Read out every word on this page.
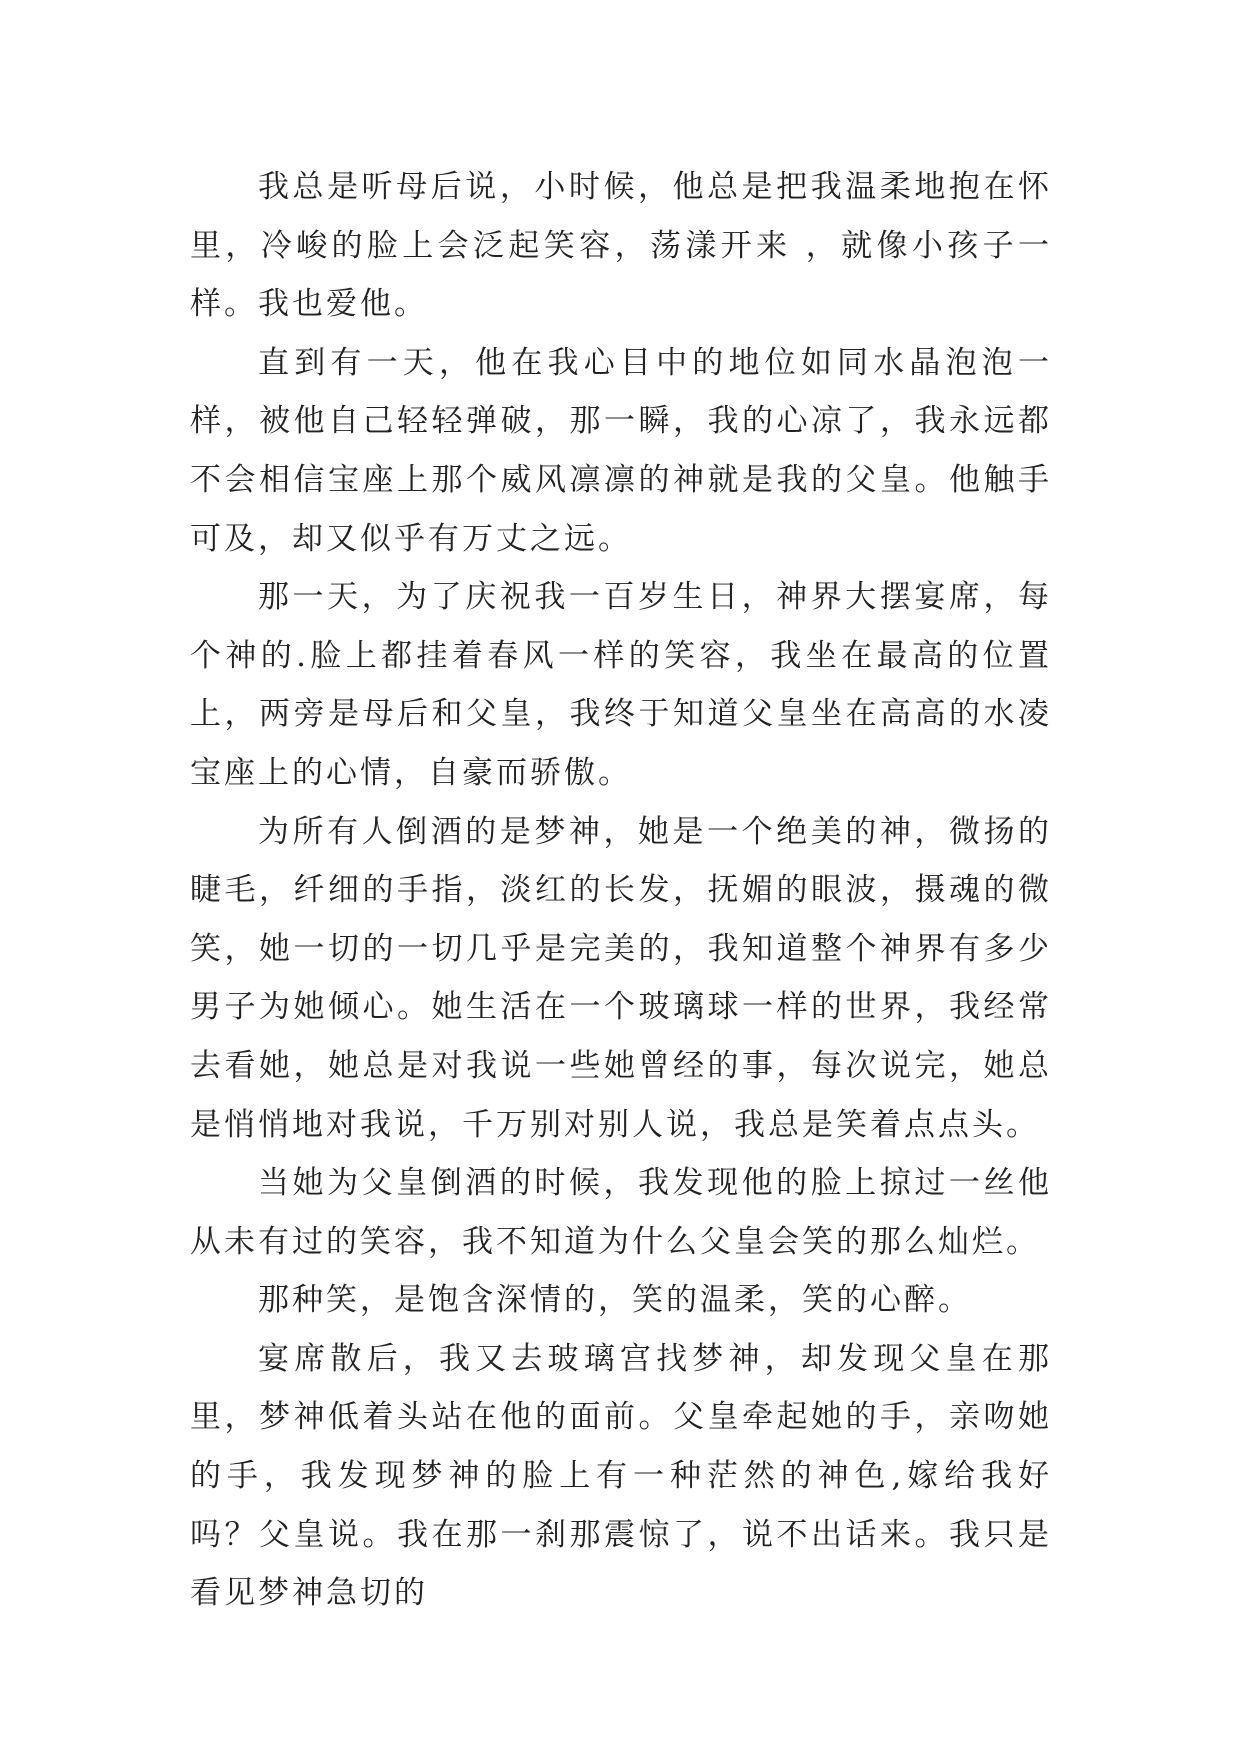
我总是听母后说，小时候，他总是把我温柔地抱在怀里，冷峻的脸上会泛起笑容，荡漾开来 ，就像小孩子一样。我也爱他。

直到有一天，他在我心目中的地位如同水晶泡泡一样，被他自己轻轻弹破，那一瞬，我的心凉了，我永远都不会相信宝座上那个威风凛凛的神就是我的父皇。他触手可及，却又似乎有万丈之远。

那一天，为了庆祝我一百岁生日，神界大摆宴席，每个神的.脸上都挂着春风一样的笑容，我坐在最高的位置上，两旁是母后和父皇，我终于知道父皇坐在高高的水凌宝座上的心情，自豪而骄傲。

为所有人倒酒的是梦神，她是一个绝美的神，微扬的睫毛，纤细的手指，淡红的长发，抚媚的眼波，摄魂的微笑，她一切的一切几乎是完美的，我知道整个神界有多少男子为她倾心。她生活在一个玻璃球一样的世界，我经常去看她，她总是对我说一些她曾经的事，每次说完，她总是悄悄地对我说，千万别对别人说，我总是笑着点点头。

当她为父皇倒酒的时候，我发现他的脸上掠过一丝他从未有过的笑容，我不知道为什么父皇会笑的那么灿烂。

那种笑，是饱含深情的，笑的温柔，笑的心醉。

宴席散后，我又去玻璃宫找梦神，却发现父皇在那里，梦神低着头站在他的面前。父皇牵起她的手，亲吻她的手，我发现梦神的脸上有一种茫然的神色,嫁给我好吗？父皇说。我在那一刹那震惊了，说不出话来。我只是看见梦神急切的
